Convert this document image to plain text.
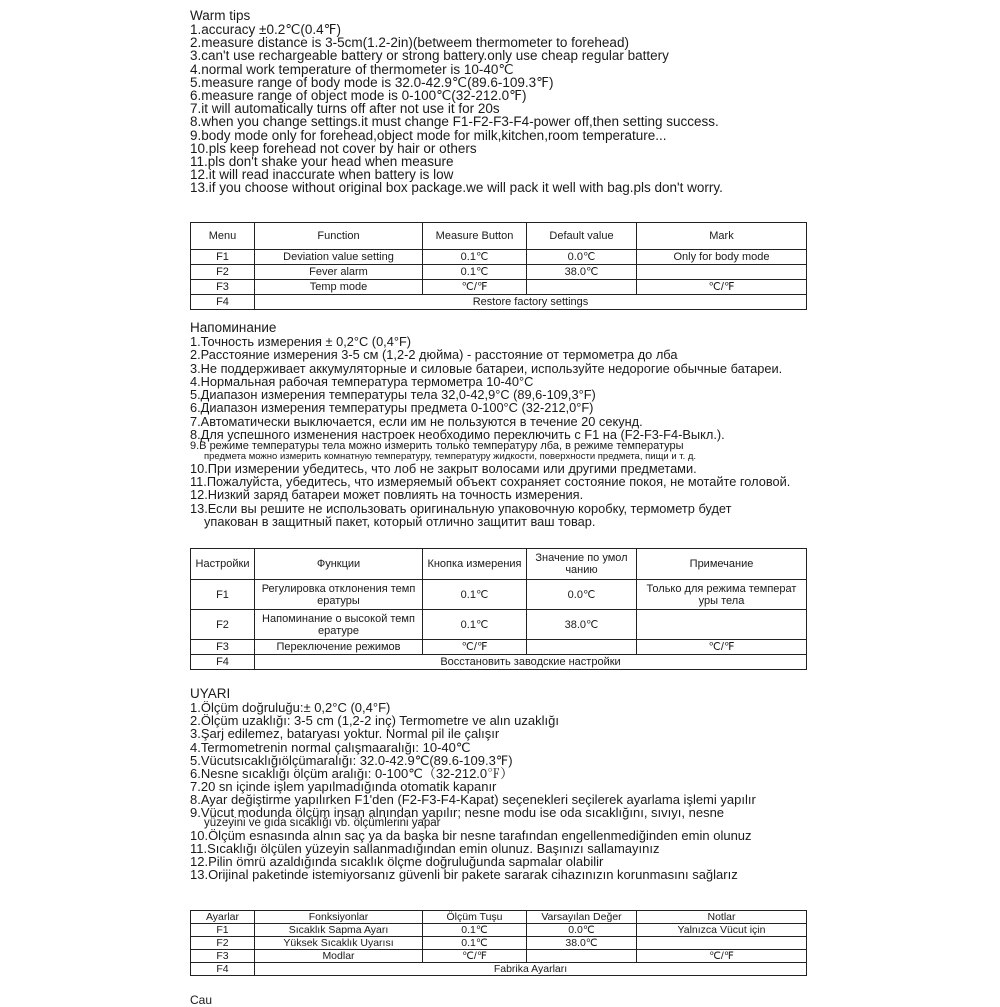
Warm tips
1.accuracy ±0.2℃(0.4℉)
2.measure distance is 3-5cm(1.2-2in)(betweem thermometer to forehead)
3.can't use rechargeable battery or strong battery.only use cheap regular battery
4.normal work temperature of thermometer is 10-40℃
5.measure range of body mode is 32.0-42.9℃(89.6-109.3℉)
6.measure range of object mode is 0-100℃(32-212.0℉)
7.it will automatically turns off after not use it for 20s
8.when you change settings.it must change F1-F2-F3-F4-power off,then setting success.
9.body mode only for forehead,object mode for milk,kitchen,room temperature...
10.pls keep forehead not cover by hair or others
11.pls don't shake your head when measure
12.it will read inaccurate when battery is low
13.if you choose without original box package.we will pack it well with bag.pls don't worry.
Menu	Function	Measure Button	Default value	Mark
F1	Deviation value setting	0.1℃	0.0℃	Only for body mode
F2	Fever alarm	0.1℃	38.0℃	
F3	Temp mode	℃/℉		℃/℉
F4	Restore factory settings			
Напоминание
1.Точность измерения ± 0,2°C (0,4°F)
2.Расстояние измерения 3-5 см (1,2-2 дюйма) - расстояние от термометра до лба
3.Не поддерживает аккумуляторные и силовые батареи, используйте недорогие обычные батареи.
4.Нормальная рабочая температура термометра 10-40°C
5.Диапазон измерения температуры тела 32,0-42,9°C (89,6-109,3°F)
6.Диапазон измерения температуры предмета 0-100°C (32-212,0°F)
7.Автоматически выключается, если им не пользуются в течение 20 секунд.
8.Для успешного изменения настроек необходимо переключить с F1 на (F2-F3-F4-Выкл.).
9.В режиме температуры тела можно измерить только температуру лба, в режиме температуры
предмета можно измерить комнатную температуру, температуру жидкости, поверхности предмета, пищи и т. д.
10.При измерении убедитесь, что лоб не закрыт волосами или другими предметами.
11.Пожалуйста, убедитесь, что измеряемый объект сохраняет состояние покоя, не мотайте головой.
12.Низкий заряд батареи может повлиять на точность измерения.
13.Если вы решите не использовать оригинальную упаковочную коробку, термометр будет
упакован в защитный пакет, который отлично защитит ваш товар.
Настройки	Функции	Кнопка измерения	Значение по умол чанию	Примечание
F1	Регулировка отклонения темп ературы	0.1℃	0.0℃	Только для режима температ уры тела
F2	Напоминание о высокой темп ературе	0.1℃	38.0℃	
F3	Переключение режимов	℃/℉		℃/℉
F4	Восстановить заводские настройки			
UYARI
1.Ölçüm doğruluğu:± 0,2°C (0,4°F)
2.Ölçüm uzaklığı: 3-5 cm (1,2-2 inç) Termometre ve alın uzaklığı
3.Şarj edilemez, bataryası yoktur. Normal pil ile çalışır
4.Termometrenin normal çalışmaaralığı: 10-40℃
5.Vücutsıcaklığıölçümaralığı: 32.0-42.9℃(89.6-109.3℉)
6.Nesne sıcaklığı ölçüm aralığı: 0-100℃（32-212.0℉）
7.20 sn içinde işlem yapılmadığında otomatik kapanır
8.Ayar değiştirme yapılırken F1'den (F2-F3-F4-Kapat) seçenekleri seçilerek ayarlama işlemi yapılır
9.Vücut modunda ölçüm insan alnından yapılır; nesne modu ise oda sıcaklığını, sıvıyı, nesne
yüzeyini ve gıda sıcaklığı vb. ölçümlerini yapar
10.Ölçüm esnasında alnın saç ya da başka bir nesne tarafından engellenmediğinden emin olunuz
11.Sıcaklığı ölçülen yüzeyin sallanmadığından emin olunuz. Başınızı sallamayınız
12.Pilin ömrü azaldığında sıcaklık ölçme doğruluğunda sapmalar olabilir
13.Orijinal paketinde istemiyorsanız güvenli bir pakete sararak cihazınızın korunmasını sağlarız
Ayarlar	Fonksiyonlar	Ölçüm Tuşu	Varsayılan Değer	Notlar
F1	Sıcaklık Sapma Ayarı	0.1℃	0.0℃	Yalnızca Vücut için
F2	Yüksek Sıcaklık Uyarısı	0.1℃	38.0℃	
F3	Modlar	℃/℉		℃/℉
F4	Fabrika Ayarları			
Cau
